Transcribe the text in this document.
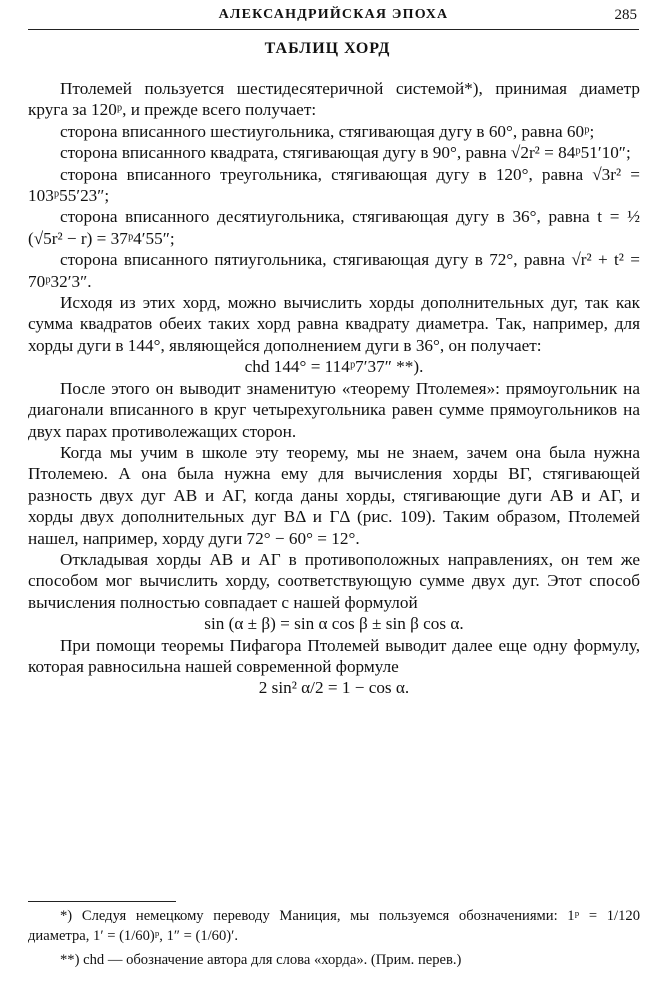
АЛЕКСАНДРИЙСКАЯ ЭПОХА	285
ТАБЛИЦ ХОРД

Птолемей пользуется шестидесятеричной системой*), принимая диаметр круга за 120ᵖ, и прежде всего получает:

сторона вписанного шестиугольника, стягивающая дугу в 60°, равна 60ᵖ;

сторона вписанного квадрата, стягивающая дугу в 90°, равна √2r² = 84ᵖ51′10″;

сторона вписанного треугольника, стягивающая дугу в 120°, равна √3r² = 103ᵖ55′23″;

сторона вписанного десятиугольника, стягивающая дугу в 36°, равна t = ½ (√5r² − r) = 37ᵖ4′55″;

сторона вписанного пятиугольника, стягивающая дугу в 72°, равна √r² + t² = 70ᵖ32′3″.

Исходя из этих хорд, можно вычислить хорды дополнительных дуг, так как сумма квадратов обеих таких хорд равна квадрату диаметра. Так, например, для хорды дуги в 144°, являющейся дополнением дуги в 36°, он получает:

chd 144° = 114ᵖ7′37″ **).

После этого он выводит знаменитую «теорему Птолемея»: прямоугольник на диагонали вписанного в круг четырехугольника равен сумме прямоугольников на двух парах противолежащих сторон.

Когда мы учим в школе эту теорему, мы не знаем, зачем она была нужна Птолемею. А она была нужна ему для вычисления хорды ВГ, стягивающей разность двух дуг АВ и АГ, когда даны хорды, стягивающие дуги АВ и АГ, и хорды двух дополнительных дуг ВΔ и ГΔ (рис. 109). Таким образом, Птолемей нашел, например, хорду дуги 72° − 60° = 12°.

Откладывая хорды АВ и АГ в противоположных направлениях, он тем же способом мог вычислить хорду, соответствующую сумме двух дуг. Этот способ вычисления полностью совпадает с нашей формулой

sin (α ± β) = sin α cos β ± sin β cos α.

При помощи теоремы Пифагора Птолемей выводит далее еще одну формулу, которая равносильна нашей современной формуле

2 sin² α/2 = 1 − cos α.

*) Следуя немецкому переводу Маниция, мы пользуемся обозначениями: 1ᵖ = 1/120 диаметра, 1′ = (1/60)ᵖ, 1″ = (1/60)′.

**) chd — обозначение автора для слова «хорда». (Прим. перев.)
